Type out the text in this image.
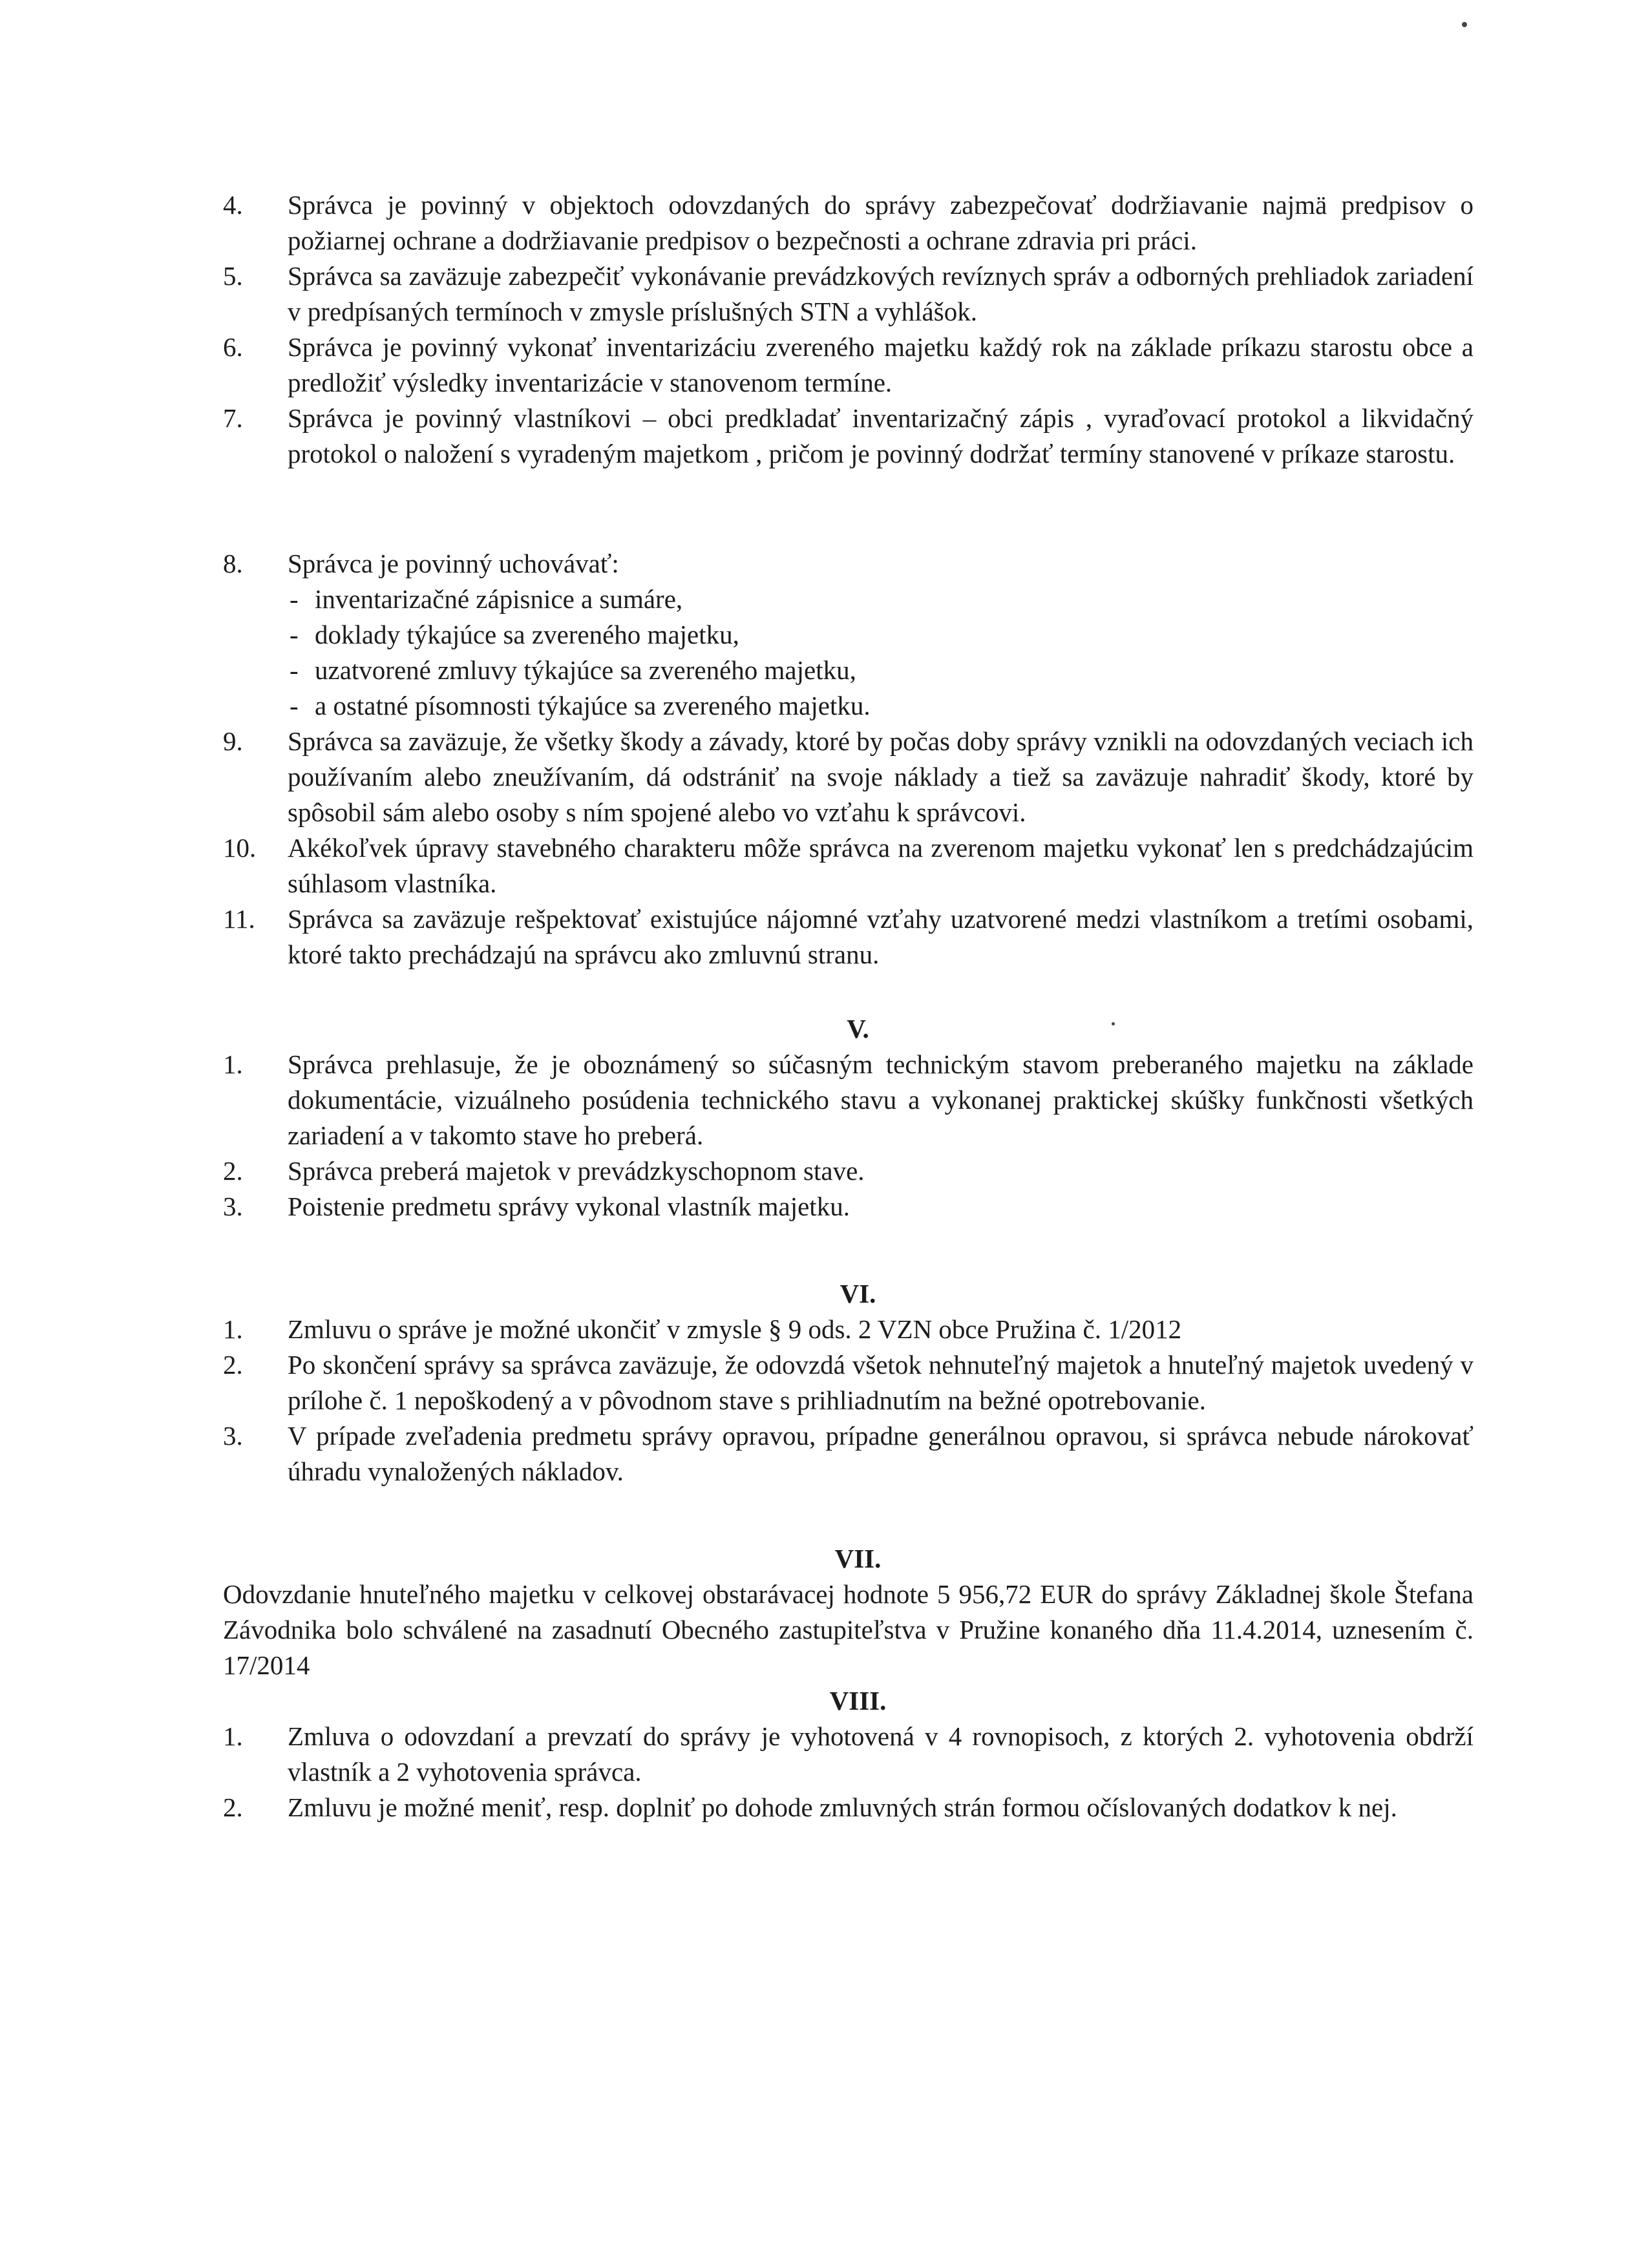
4. Správca je povinný v objektoch odovzdaných do správy zabezpečovať dodržiavanie najmä predpisov o požiarnej ochrane a dodržiavanie predpisov o bezpečnosti a ochrane zdravia pri práci.
5. Správca sa zaväzuje zabezpečiť vykonávanie prevádzkových revíznych správ a odborných prehliadok zariadení v predpísaných termínoch v zmysle príslušných STN a vyhlášok.
6. Správca je povinný vykonať inventarizáciu zvereného majetku každý rok na základe príkazu starostu obce a predložiť výsledky inventarizácie v stanovenom termíne.
7. Správca je povinný vlastníkovi – obci predkladať inventarizačný zápis , vyraďovací protokol a likvidačný protokol o naložení s vyradeným majetkom , pričom je povinný dodržať termíny stanovené v príkaze starostu.
8. Správca je povinný uchovávať:
- inventarizačné zápisnice a sumáre,
- doklady týkajúce sa zvereného majetku,
- uzatvorené zmluvy týkajúce sa zvereného majetku,
- a ostatné písomnosti týkajúce sa zvereného majetku.
9. Správca sa zaväzuje, že všetky škody a závady, ktoré by počas doby správy vznikli na odovzdaných veciach ich používaním alebo zneužívaním, dá odstrániť na svoje náklady a tiež sa zaväzuje nahradiť škody, ktoré by spôsobil sám alebo osoby s ním spojené alebo vo vzťahu k správcovi.
10. Akékoľvek úpravy stavebného charakteru môže správca na zverenom majetku vykonať len s predchádzajúcim súhlasom vlastníka.
11. Správca sa zaväzuje rešpektovať existujúce nájomné vzťahy uzatvorené medzi vlastníkom a tretími osobami, ktoré takto prechádzajú na správcu ako zmluvnú stranu.
V.
1. Správca prehlasuje, že je oboznámený so súčasným technickým stavom preberaného majetku na základe dokumentácie, vizuálneho posúdenia technického stavu a vykonanej praktickej skúšky funkčnosti všetkých zariadení a v takomto stave ho preberá.
2. Správca preberá majetok v prevádzkyschopnom stave.
3. Poistenie predmetu správy vykonal vlastník majetku.
VI.
1. Zmluvu o správe je možné ukončiť v zmysle § 9 ods. 2 VZN obce Pružina č. 1/2012
2. Po skončení správy sa správca zaväzuje, že odovzdá všetok nehnuteľný majetok a hnuteľný majetok uvedený v prílohe č. 1 nepoškodený a v pôvodnom stave s prihliadnutím na bežné opotrebovanie.
3. V prípade zveľadenia predmetu správy opravou, prípadne generálnou opravou, si správca nebude nárokovať úhradu vynaložených nákladov.
VII.
Odovzdanie hnuteľného majetku v celkovej obstarávacej hodnote 5 956,72 EUR do správy Základnej škole Štefana Závodnika bolo schválené na zasadnutí Obecného zastupiteľstva v Pružine konaného dňa 11.4.2014, uznesením č. 17/2014
VIII.
1. Zmluva o odovzdaní a prevzatí do správy je vyhotovená v 4 rovnopisoch, z ktorých 2. vyhotovenia obdrží vlastník a 2 vyhotovenia správca.
2. Zmluvu je možné meniť, resp. doplniť po dohode zmluvných strán formou očíslovaných dodatkov k nej.
